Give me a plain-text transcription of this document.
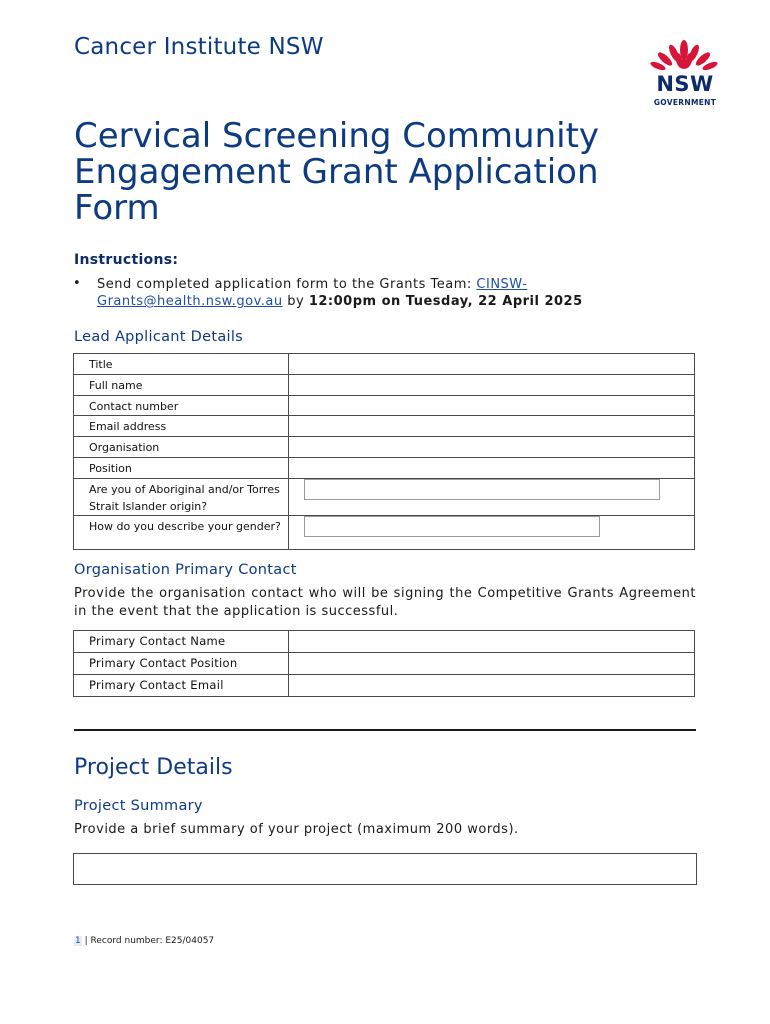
Cancer Institute NSW
NSW
GOVERNMENT
Cervical Screening Community Engagement Grant Application Form
Instructions:
• Send completed application form to the Grants Team: CINSW-Grants@health.nsw.gov.au by 12:00pm on Tuesday, 22 April 2025
Lead Applicant Details
Title	
Full name	
Contact number	
Email address	
Organisation	
Position	
Are you of Aboriginal and/or Torres Strait Islander origin?	

How do you describe your gender?	
Organisation Primary Contact
Provide the organisation contact who will be signing the Competitive Grants Agreement in the event that the application is successful.
Primary Contact Name	
Primary Contact Position	
Primary Contact Email	
Project Details
Project Summary
Provide a brief summary of your project (maximum 200 words).
1 | Record number: E25/04057
